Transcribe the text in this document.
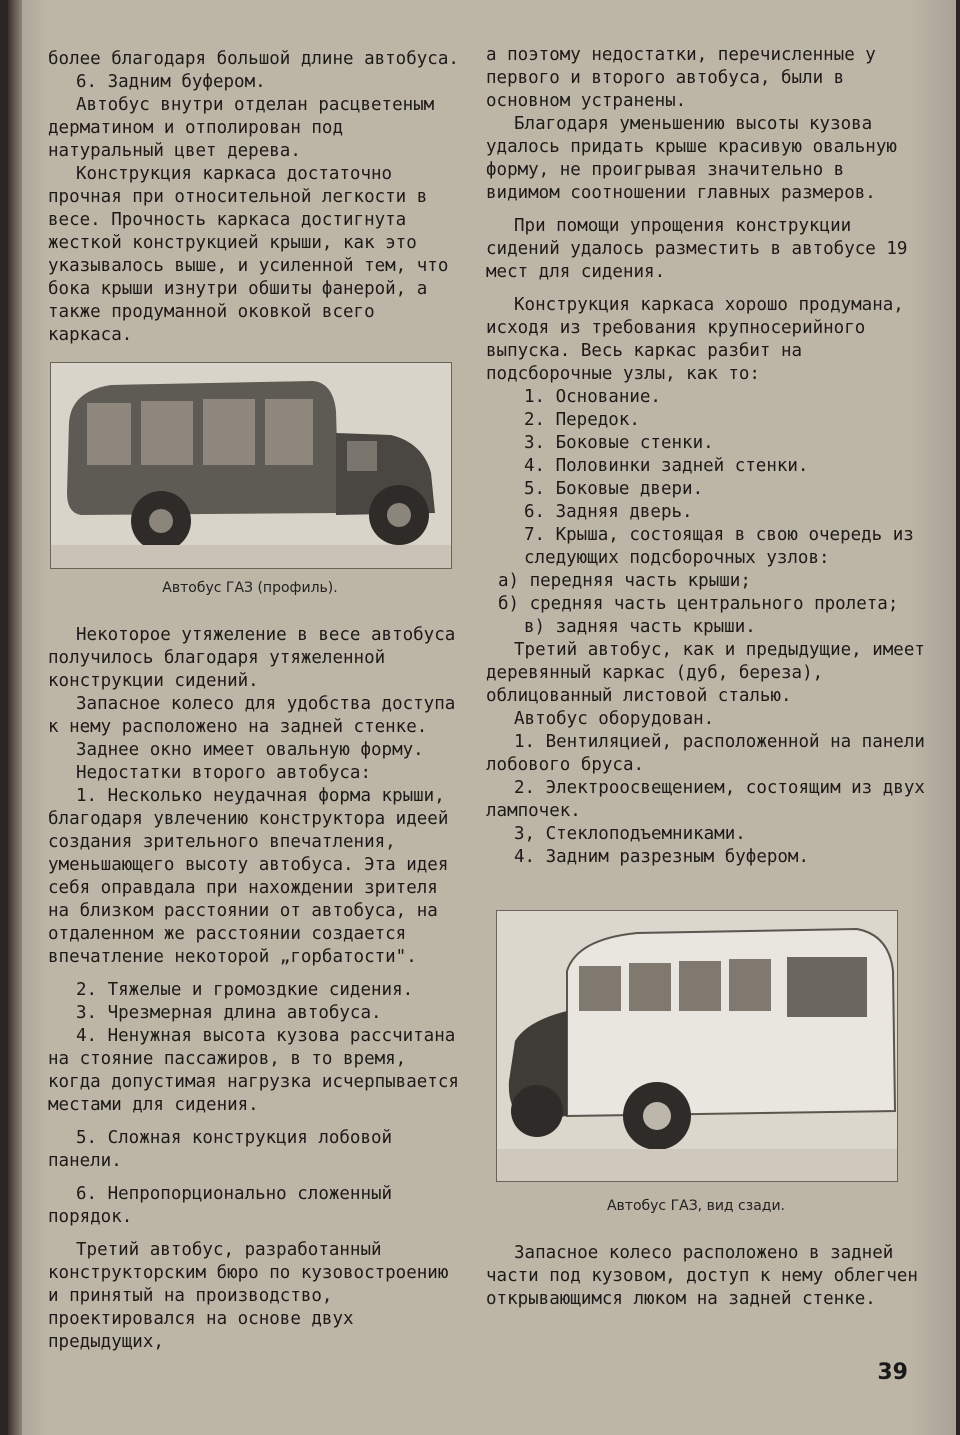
более благодаря большой длине автобуса.

6. Задним буфером.

Автобус внутри отделан расцветеным дерматином и отполирован под натуральный цвет дерева.

Конструкция каркаса достаточно прочная при относительной легкости в весе. Прочность каркаса достигнута жесткой конструкцией крыши, как это указывалось выше, и усиленной тем, что бока крыши изнутри обшиты фанерой, а также продуманной оковкой всего каркаса.

Автобус ГАЗ (профиль).

Некоторое утяжеление в весе автобуса получилось благодаря утяжеленной конструкции сидений.

Запасное колесо для удобства доступа к нему расположено на задней стенке.

Заднее окно имеет овальную форму.

Недостатки второго автобуса:

1. Несколько неудачная форма крыши, благодаря увлечению конструктора идеей создания зрительного впечатления, уменьшающего высоту автобуса. Эта идея себя оправдала при нахождении зрителя на близком расстоянии от автобуса, на отдаленном же расстоянии создается впечатление некоторой „горбатости".

2. Тяжелые и громоздкие сидения.

3. Чрезмерная длина автобуса.

4. Ненужная высота кузова рассчитана на стояние пассажиров, в то время, когда допустимая нагрузка исчерпывается местами для сидения.

5. Сложная конструкция лобовой панели.

6. Непропорционально сложенный порядок.

Третий автобус, разработанный конструкторским бюро по кузовостроению и принятый на производство, проектировался на основе двух предыдущих,

а поэтому недостатки, перечисленные у первого и второго автобуса, были в основном устранены.

Благодаря уменьшению высоты кузова удалось придать крыше красивую овальную форму, не проигрывая значительно в видимом соотношении главных размеров.

При помощи упрощения конструкции сидений удалось разместить в автобусе 19 мест для сидения.

Конструкция каркаса хорошо продумана, исходя из требования крупносерийного выпуска. Весь каркас разбит на подсборочные узлы, как то:

1. Основание.

2. Передок.

3. Боковые стенки.

4. Половинки задней стенки.

5. Боковые двери.

6. Задняя дверь.

7. Крыша, состоящая в свою очередь из следующих подсборочных узлов:

а) передняя часть крыши;

б) средняя часть центрального пролета;

в) задняя часть крыши.

Третий автобус, как и предыдущие, имеет деревянный каркас (дуб, береза), облицованный листовой сталью.

Автобус оборудован.

1. Вентиляцией, расположенной на панели лобового бруса.

2. Электроосвещением, состоящим из двух лампочек.

3, Стеклоподъемниками.

4. Задним разрезным буфером.

Автобус ГАЗ, вид сзади.

Запасное колесо расположено в задней части под кузовом, доступ к нему облегчен открывающимся люком на задней стенке.

39
